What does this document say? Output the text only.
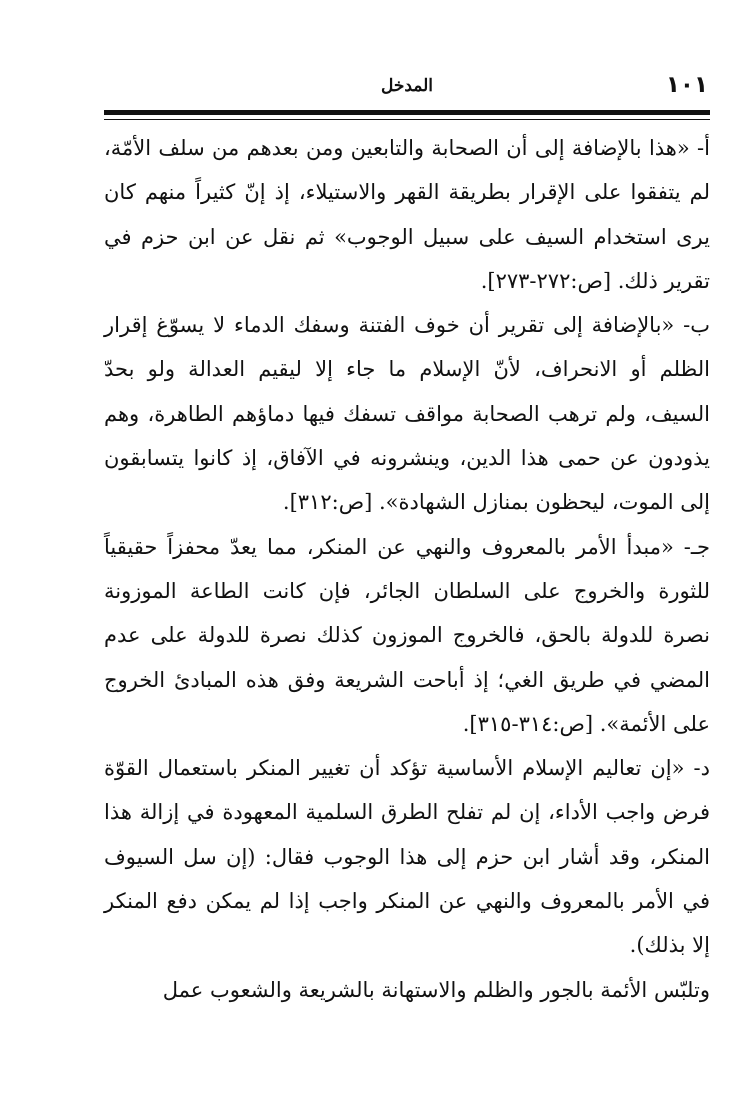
١٠١
المدخل

أ- «هذا بالإضافة إلى أن الصحابة والتابعين ومن بعدهم من سلف الأمّة، لم يتفقوا على الإقرار بطريقة القهر والاستيلاء، إذ إنّ كثيراً منهم كان يرى استخدام السيف على سبيل الوجوب» ثم نقل عن ابن حزم في تقرير ذلك. [ص:٢٧٢-٢٧٣].

ب- «بالإضافة إلى تقرير أن خوف الفتنة وسفك الدماء لا يسوّغ إقرار الظلم أو الانحراف، لأنّ الإسلام ما جاء إلا ليقيم العدالة ولو بحدّ السيف، ولم ترهب الصحابة مواقف تسفك فيها دماؤهم الطاهرة، وهم يذودون عن حمى هذا الدين، وينشرونه في الآفاق، إذ كانوا يتسابقون إلى الموت، ليحظون بمنازل الشهادة». [ص:٣١٢].

جـ- «مبدأ الأمر بالمعروف والنهي عن المنكر، مما يعدّ محفزاً حقيقياً للثورة والخروج على السلطان الجائر، فإن كانت الطاعة الموزونة نصرة للدولة بالحق، فالخروج الموزون كذلك نصرة للدولة على عدم المضي في طريق الغي؛ إذ أباحت الشريعة وفق هذه المبادئ الخروج على الأئمة». [ص:٣١٤-٣١٥].

د- «إن تعاليم الإسلام الأساسية تؤكد أن تغيير المنكر باستعمال القوّة فرض واجب الأداء، إن لم تفلح الطرق السلمية المعهودة في إزالة هذا المنكر، وقد أشار ابن حزم إلى هذا الوجوب فقال: (إن سل السيوف في الأمر بالمعروف والنهي عن المنكر واجب إذا لم يمكن دفع المنكر إلا بذلك).

وتلبّس الأئمة بالجور والظلم والاستهانة بالشريعة والشعوب عمل
